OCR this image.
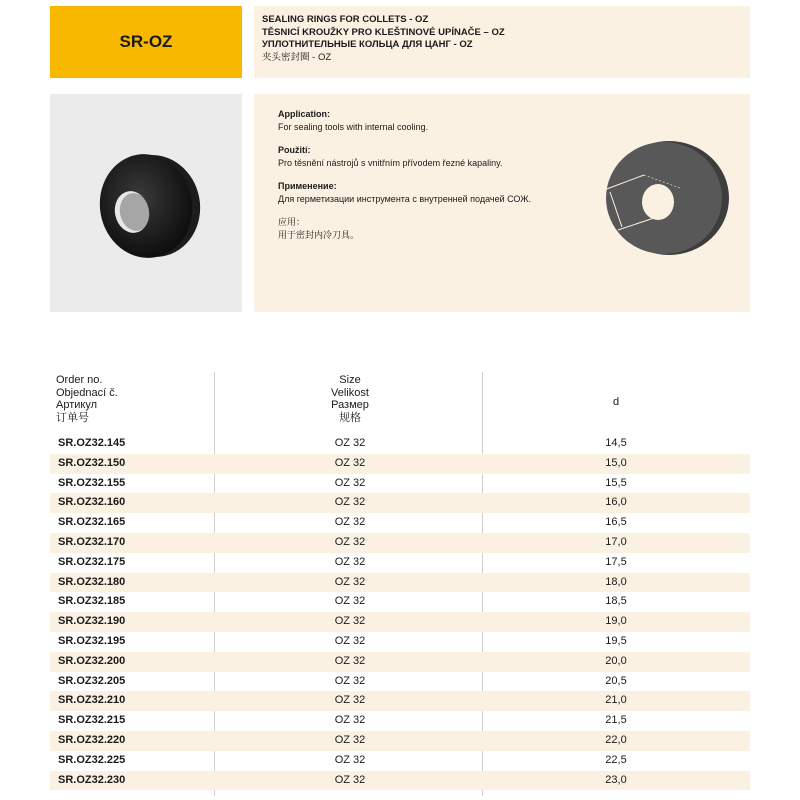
SR-OZ
SEALING RINGS FOR COLLETS - OZ
TĚSNICÍ KROUŽKY PRO KLEŠTINOVÉ UPÍNAČE – OZ
УПЛОТНИТЕЛЬНЫЕ КОЛЬЦА ДЛЯ ЦАНГ - OZ
夹头密封圈 - OZ
Application:
For sealing tools with internal cooling.
Použití:
Pro těsnění nástrojů s vnitřním přívodem řezné kapaliny.
Применение:
Для герметизации инструмента с внутренней подачей СОЖ.
应用：
用于密封内冷刀具。
d
Order no.
Objednací č.
Артикул
订单号
Size
Velikost
Размер
规格
d
SR.OZ32.145	OZ 32	14,5
SR.OZ32.150	OZ 32	15,0
SR.OZ32.155	OZ 32	15,5
SR.OZ32.160	OZ 32	16,0
SR.OZ32.165	OZ 32	16,5
SR.OZ32.170	OZ 32	17,0
SR.OZ32.175	OZ 32	17,5
SR.OZ32.180	OZ 32	18,0
SR.OZ32.185	OZ 32	18,5
SR.OZ32.190	OZ 32	19,0
SR.OZ32.195	OZ 32	19,5
SR.OZ32.200	OZ 32	20,0
SR.OZ32.205	OZ 32	20,5
SR.OZ32.210	OZ 32	21,0
SR.OZ32.215	OZ 32	21,5
SR.OZ32.220	OZ 32	22,0
SR.OZ32.225	OZ 32	22,5
SR.OZ32.230	OZ 32	23,0
